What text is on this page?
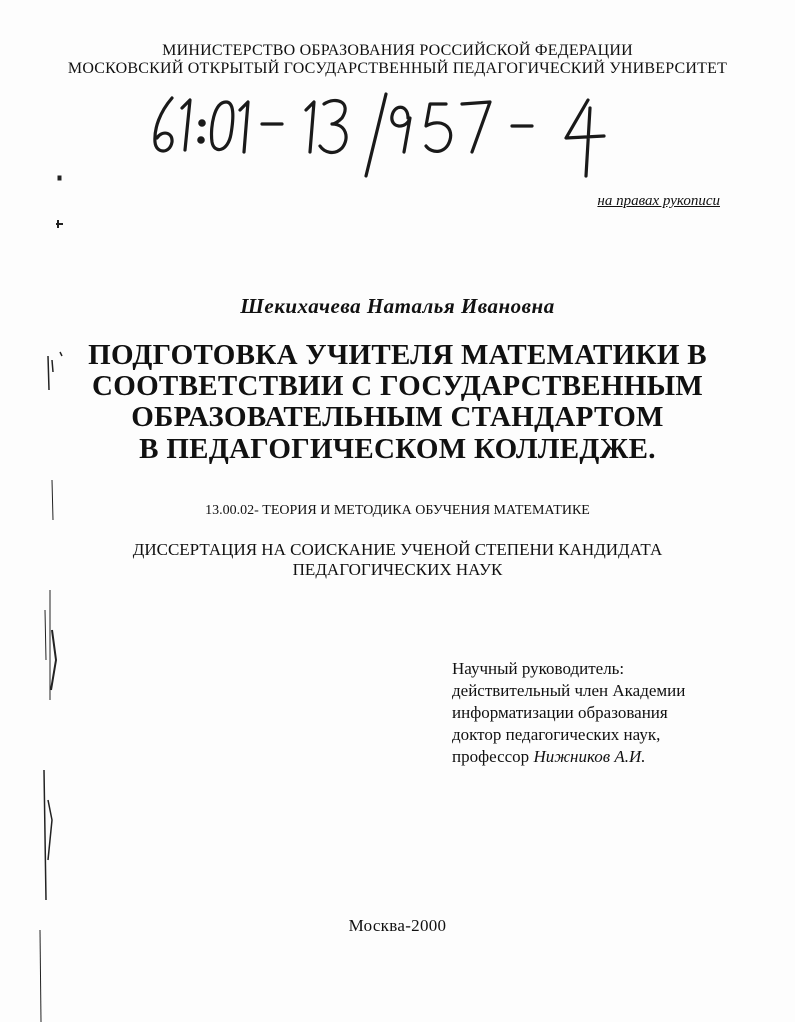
МИНИСТЕРСТВО ОБРАЗОВАНИЯ РОССИЙСКОЙ ФЕДЕРАЦИИ
МОСКОВСКИЙ ОТКРЫТЫЙ ГОСУДАРСТВЕННЫЙ ПЕДАГОГИЧЕСКИЙ УНИВЕРСИТЕТ
на правах рукописи
Шекихачева Наталья Ивановна
ПОДГОТОВКА УЧИТЕЛЯ МАТЕМАТИКИ В
СООТВЕТСТВИИ С ГОСУДАРСТВЕННЫМ
ОБРАЗОВАТЕЛЬНЫМ СТАНДАРТОМ
В ПЕДАГОГИЧЕСКОМ КОЛЛЕДЖЕ.
13.00.02- ТЕОРИЯ И МЕТОДИКА ОБУЧЕНИЯ МАТЕМАТИКЕ
ДИССЕРТАЦИЯ НА СОИСКАНИЕ УЧЕНОЙ СТЕПЕНИ КАНДИДАТА
ПЕДАГОГИЧЕСКИХ НАУК
Научный руководитель:
действительный член Академии
информатизации образования
доктор педагогических наук,
профессор Нижников А.И.
Москва-2000
